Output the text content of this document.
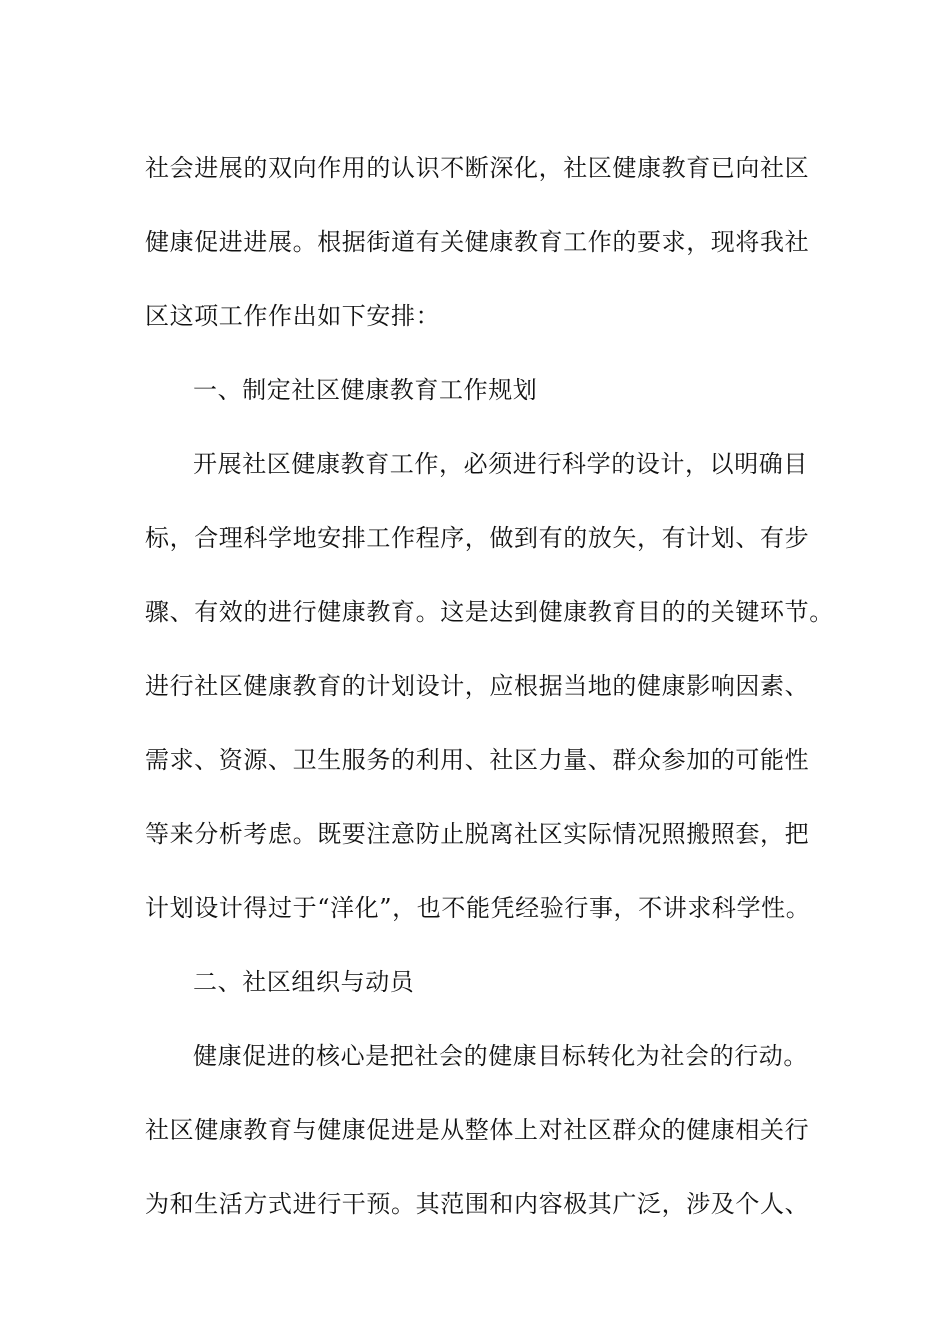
社会进展的双向作用的认识不断深化，社区健康教育已向社区
健康促进进展。根据街道有关健康教育工作的要求，现将我社
区这项工作作出如下安排：
一、制定社区健康教育工作规划
开展社区健康教育工作，必须进行科学的设计，以明确目
标，合理科学地安排工作程序，做到有的放矢，有计划、有步
骤、有效的进行健康教育。这是达到健康教育目的的关键环节。
进行社区健康教育的计划设计，应根据当地的健康影响因素、
需求、资源、卫生服务的利用、社区力量、群众参加的可能性
等来分析考虑。既要注意防止脱离社区实际情况照搬照套，把
计划设计得过于“洋化”，也不能凭经验行事，不讲求科学性。
二、社区组织与动员
健康促进的核心是把社会的健康目标转化为社会的行动。
社区健康教育与健康促进是从整体上对社区群众的健康相关行
为和生活方式进行干预。其范围和内容极其广泛，涉及个人、
